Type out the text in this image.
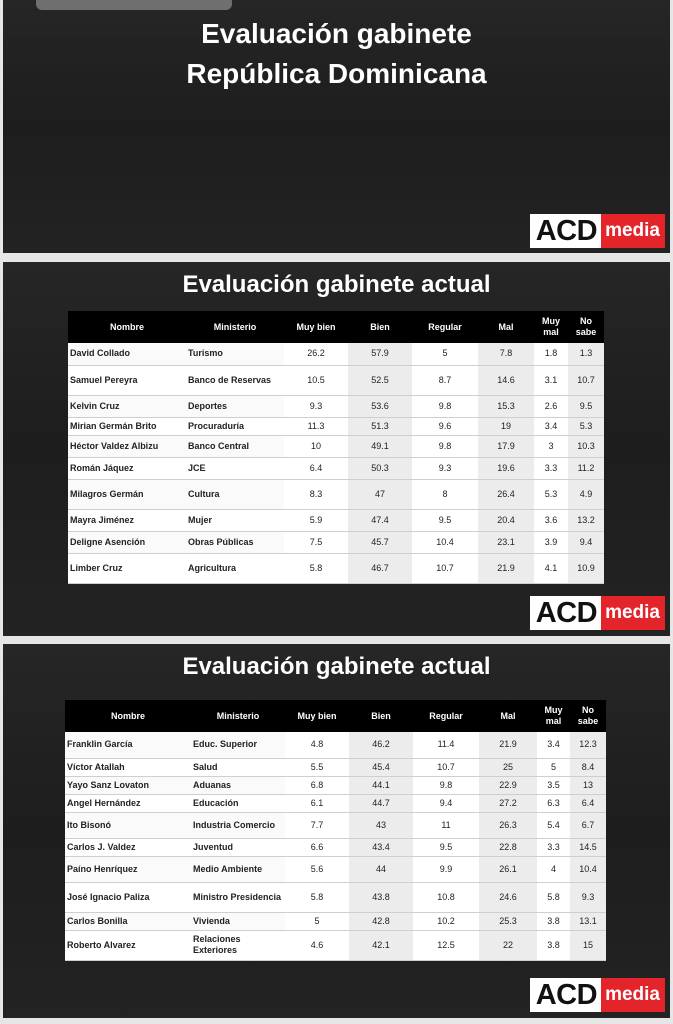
Evaluación gabinete
República Dominicana
ACD media
Evaluación gabinete actual
Nombre	Ministerio	Muy bien	Bien	Regular	Mal	Muy mal	No sabe
David Collado	Turismo	26.2	57.9	5	7.8	1.8	1.3
Samuel Pereyra	Banco de Reservas	10.5	52.5	8.7	14.6	3.1	10.7
Kelvin Cruz	Deportes	9.3	53.6	9.8	15.3	2.6	9.5
Mirian Germán Brito	Procuraduría	11.3	51.3	9.6	19	3.4	5.3
Héctor Valdez Albizu	Banco Central	10	49.1	9.8	17.9	3	10.3
Román Jáquez	JCE	6.4	50.3	9.3	19.6	3.3	11.2
Milagros Germán	Cultura	8.3	47	8	26.4	5.3	4.9
Mayra Jiménez	Mujer	5.9	47.4	9.5	20.4	3.6	13.2
Deligne Asención	Obras Públicas	7.5	45.7	10.4	23.1	3.9	9.4
Limber Cruz	Agricultura	5.8	46.7	10.7	21.9	4.1	10.9
ACD media
Evaluación gabinete actual
Nombre	Ministerio	Muy bien	Bien	Regular	Mal	Muy mal	No sabe
Franklin García	Educ. Superior	4.8	46.2	11.4	21.9	3.4	12.3
Víctor Atallah	Salud	5.5	45.4	10.7	25	5	8.4
Yayo Sanz Lovaton	Aduanas	6.8	44.1	9.8	22.9	3.5	13
Angel Hernández	Educación	6.1	44.7	9.4	27.2	6.3	6.4
Ito Bisonó	Industria Comercio	7.7	43	11	26.3	5.4	6.7
Carlos J. Valdez	Juventud	6.6	43.4	9.5	22.8	3.3	14.5
Paíno Henríquez	Medio Ambiente	5.6	44	9.9	26.1	4	10.4
José Ignacio Paliza	Ministro Presidencia	5.8	43.8	10.8	24.6	5.8	9.3
Carlos Bonilla	Vivienda	5	42.8	10.2	25.3	3.8	13.1
Roberto Alvarez	Relaciones Exteriores	4.6	42.1	12.5	22	3.8	15
ACD media
